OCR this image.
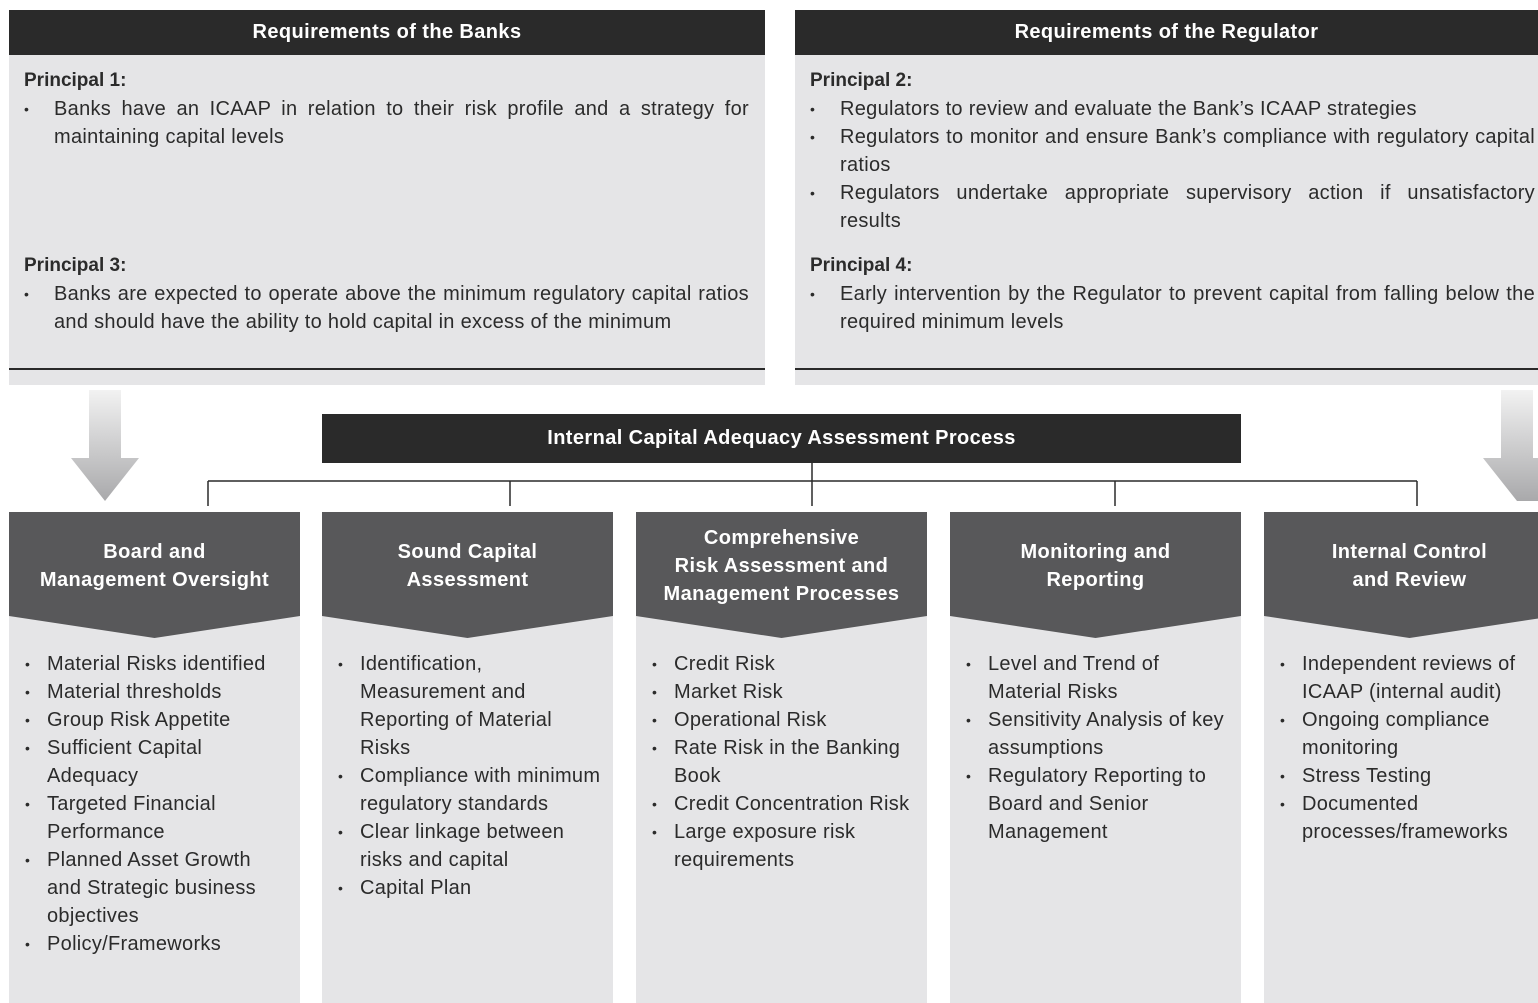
Requirements of the Banks
Principal 1:
• Banks have an ICAAP in relation to their risk profile and a strategy for maintaining capital levels
Principal 3:
• Banks are expected to operate above the minimum regulatory capital ratios and should have the ability to hold capital in excess of the minimum
Requirements of the Regulator
Principal 2:
• Regulators to review and evaluate the Bank’s ICAAP strategies
• Regulators to monitor and ensure Bank’s compliance with regulatory capital ratios
• Regulators undertake appropriate supervisory action if unsatisfactory results
Principal 4:
• Early intervention by the Regulator to prevent capital from falling below the required minimum levels
Internal Capital Adequacy Assessment Process
Board and
Management Oversight
• Material Risks identified
• Material thresholds
• Group Risk Appetite
• Sufficient Capital Adequacy
• Targeted Financial Performance
• Planned Asset Growth and Strategic business objectives
• Policy/Frameworks
Sound Capital
Assessment
• Identification, Measurement and Reporting of Material Risks
• Compliance with minimum regulatory standards
• Clear linkage between risks and capital
• Capital Plan
Comprehensive
Risk Assessment and
Management Processes
• Credit Risk
• Market Risk
• Operational Risk
• Rate Risk in the Banking Book
• Credit Concentration Risk
• Large exposure risk requirements
Monitoring and
Reporting
• Level and Trend of Material Risks
• Sensitivity Analysis of key assumptions
• Regulatory Reporting to Board and Senior Management
Internal Control
and Review
• Independent reviews of ICAAP (internal audit)
• Ongoing compliance monitoring
• Stress Testing
• Documented processes/frameworks
